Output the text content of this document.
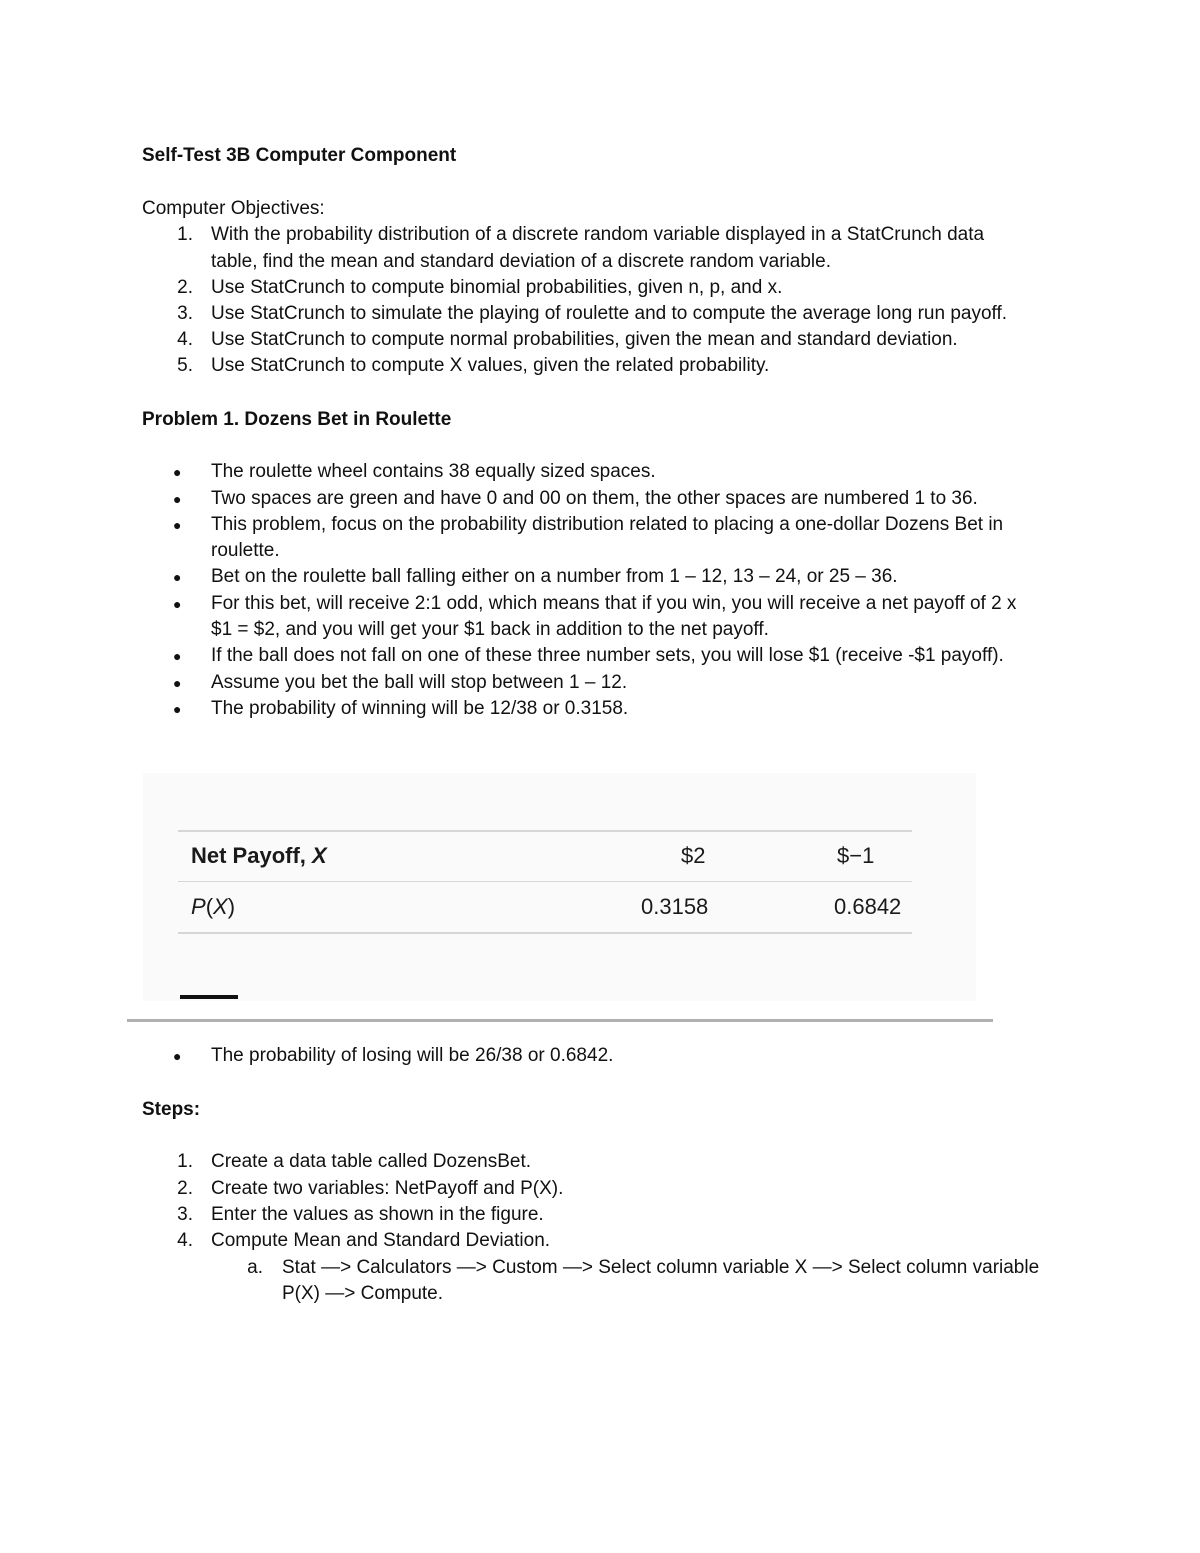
Self-Test 3B Computer Component
Computer Objectives:
1. With the probability distribution of a discrete random variable displayed in a StatCrunch data
table, find the mean and standard deviation of a discrete random variable.
2. Use StatCrunch to compute binomial probabilities, given n, p, and x.
3. Use StatCrunch to simulate the playing of roulette and to compute the average long run payoff.
4. Use StatCrunch to compute normal probabilities, given the mean and standard deviation.
5. Use StatCrunch to compute X values, given the related probability.
Problem 1. Dozens Bet in Roulette
● The roulette wheel contains 38 equally sized spaces.
● Two spaces are green and have 0 and 00 on them, the other spaces are numbered 1 to 36.
● This problem, focus on the probability distribution related to placing a one-dollar Dozens Bet in
roulette.
● Bet on the roulette ball falling either on a number from 1 – 12, 13 – 24, or 25 – 36.
● For this bet, will receive 2:1 odd, which means that if you win, you will receive a net payoff of 2 x
$1 = $2, and you will get your $1 back in addition to the net payoff.
● If the ball does not fall on one of these three number sets, you will lose $1 (receive -$1 payoff).
● Assume you bet the ball will stop between 1 – 12.
● The probability of winning will be 12/38 or 0.3158.
Net Payoff, X	$2	$−1
P(X)	0.3158	0.6842
● The probability of losing will be 26/38 or 0.6842.
Steps:
1. Create a data table called DozensBet.
2. Create two variables: NetPayoff and P(X).
3. Enter the values as shown in the figure.
4. Compute Mean and Standard Deviation.
a. Stat —> Calculators —> Custom —> Select column variable X —> Select column variable
P(X) —> Compute.
